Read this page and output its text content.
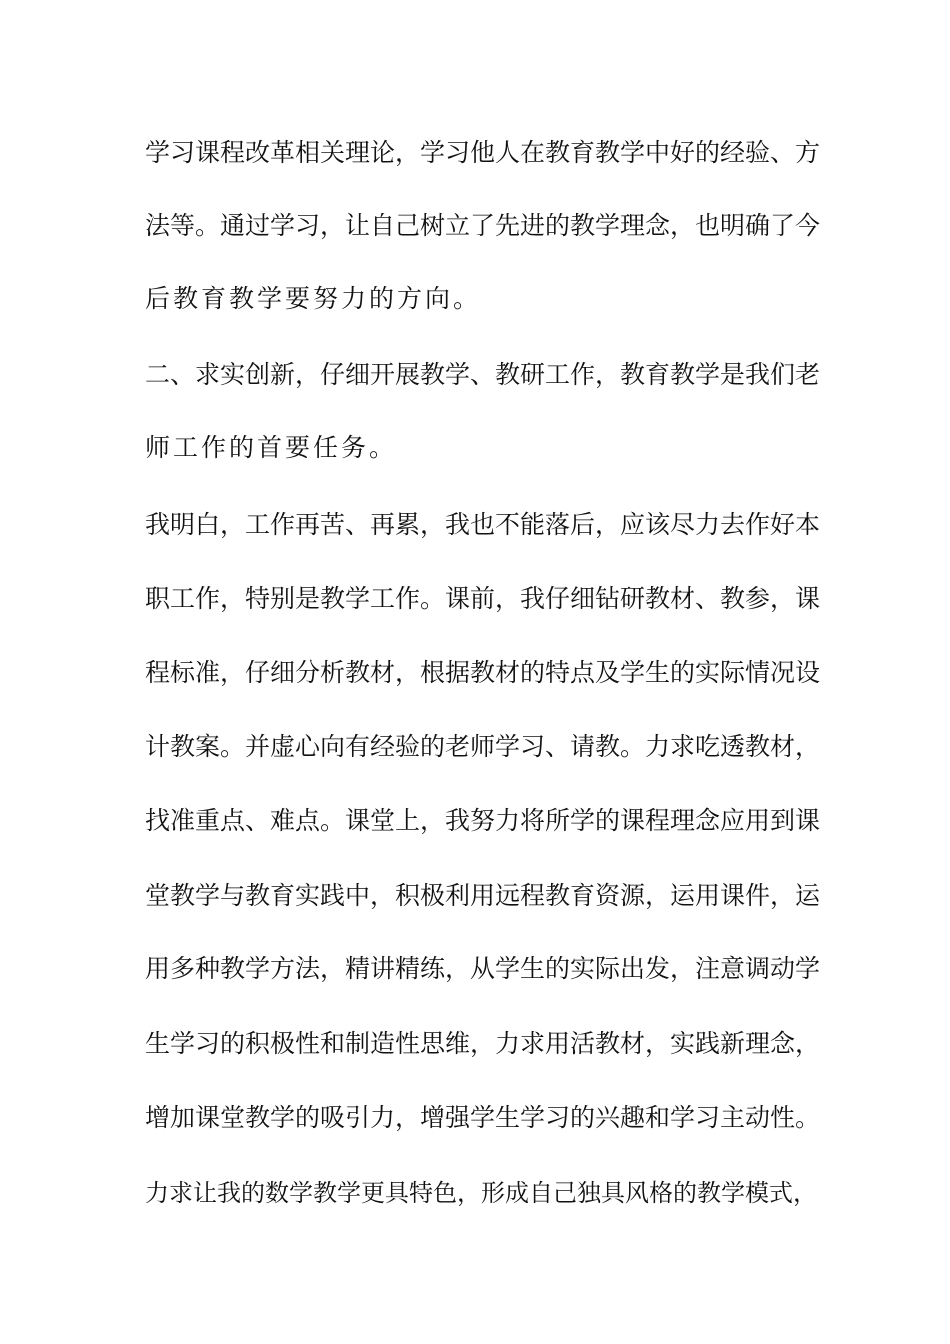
学习课程改革相关理论，学习他人在教育教学中好的经验、方
法等。通过学习，让自己树立了先进的教学理念，也明确了今
后教育教学要努力的方向。
二、求实创新，仔细开展教学、教研工作，教育教学是我们老
师工作的首要任务。
我明白，工作再苦、再累，我也不能落后，应该尽力去作好本
职工作，特别是教学工作。课前，我仔细钻研教材、教参，课
程标准，仔细分析教材，根据教材的特点及学生的实际情况设
计教案。并虚心向有经验的老师学习、请教。力求吃透教材，
找准重点、难点。课堂上，我努力将所学的课程理念应用到课
堂教学与教育实践中，积极利用远程教育资源，运用课件，运
用多种教学方法，精讲精练，从学生的实际出发，注意调动学
生学习的积极性和制造性思维，力求用活教材，实践新理念，
增加课堂教学的吸引力，增强学生学习的兴趣和学习主动性。
力求让我的数学教学更具特色，形成自己独具风格的教学模式，
